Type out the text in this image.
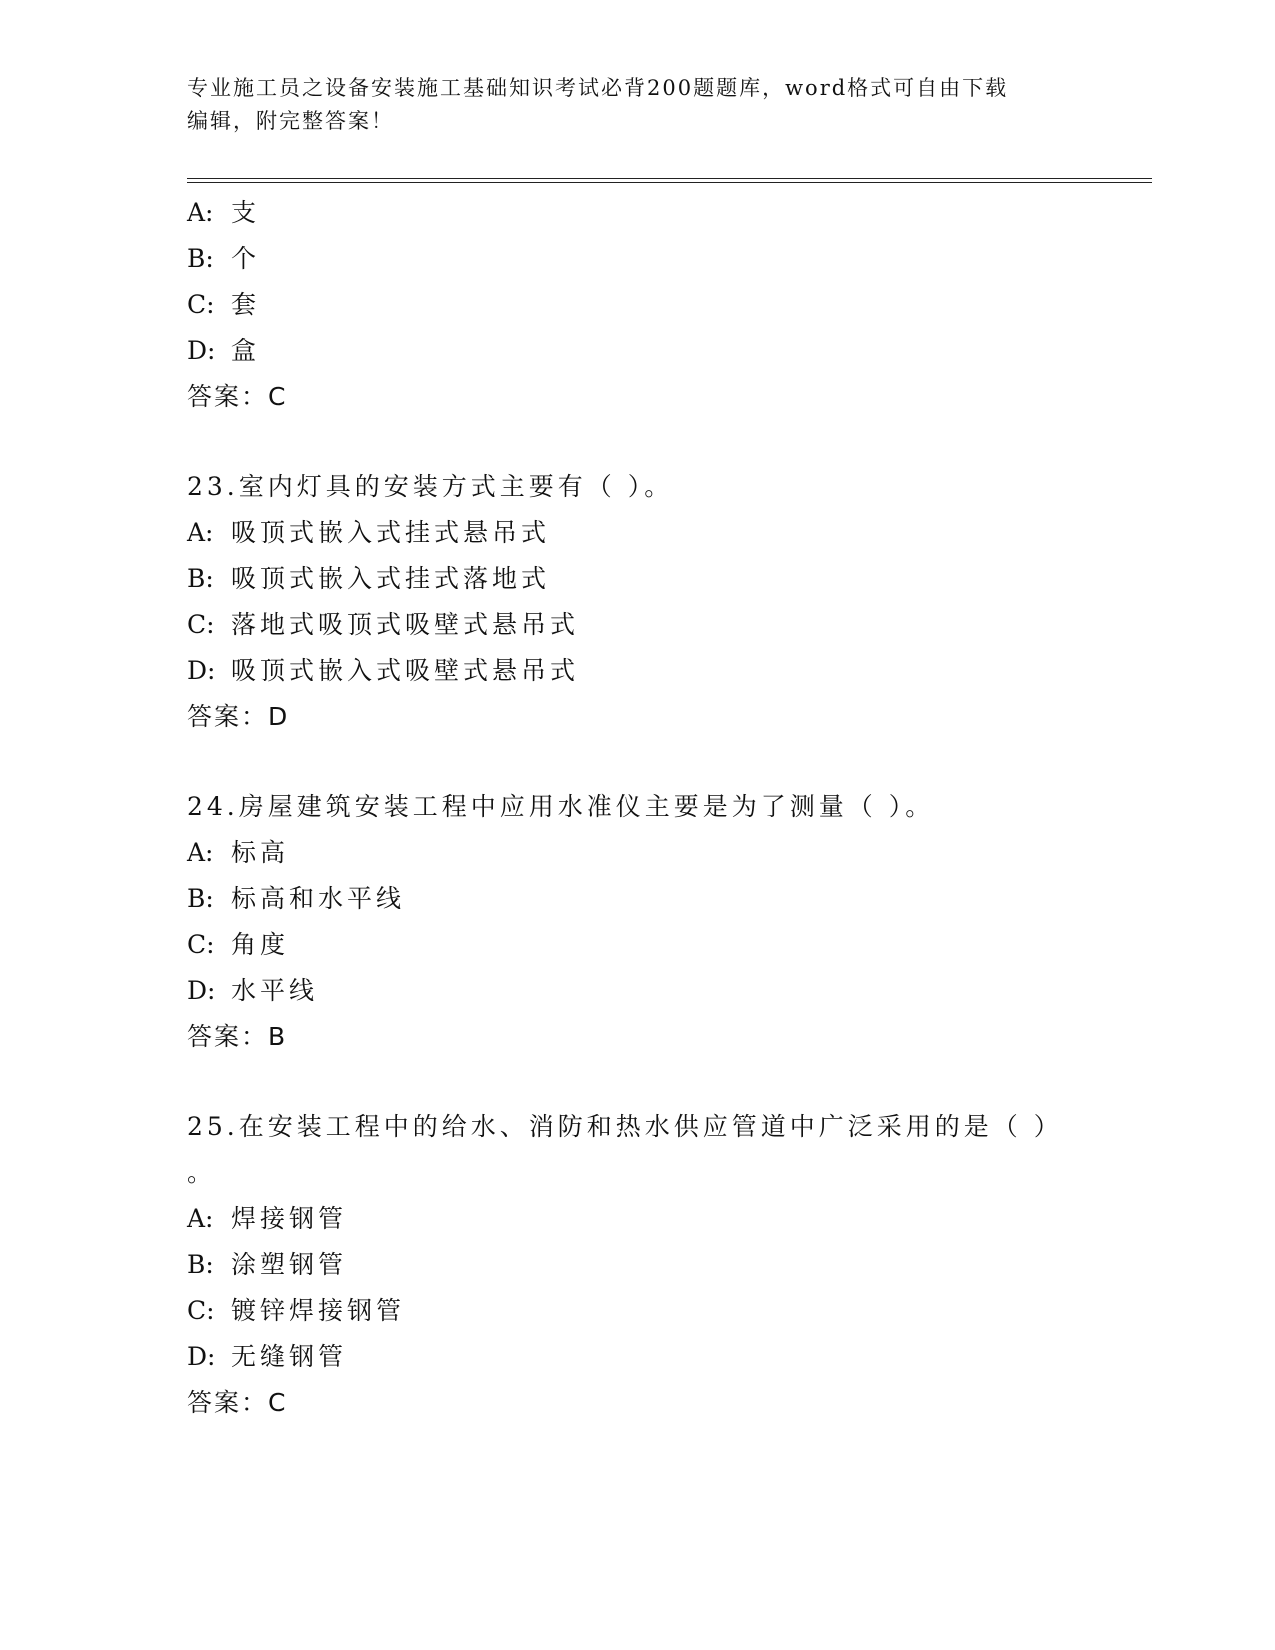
专业施工员之设备安装施工基础知识考试必背200题题库，word格式可自由下载
编辑，附完整答案！
A: 支
B: 个
C: 套
D: 盒
答案：C
23.室内灯具的安装方式主要有（ ）。
A: 吸顶式嵌入式挂式悬吊式
B: 吸顶式嵌入式挂式落地式
C: 落地式吸顶式吸壁式悬吊式
D: 吸顶式嵌入式吸壁式悬吊式
答案：D
24.房屋建筑安装工程中应用水准仪主要是为了测量（ ）。
A: 标高
B: 标高和水平线
C: 角度
D: 水平线
答案：B
25.在安装工程中的给水、消防和热水供应管道中广泛采用的是（ ）
。
A: 焊接钢管
B: 涂塑钢管
C: 镀锌焊接钢管
D: 无缝钢管
答案：C
